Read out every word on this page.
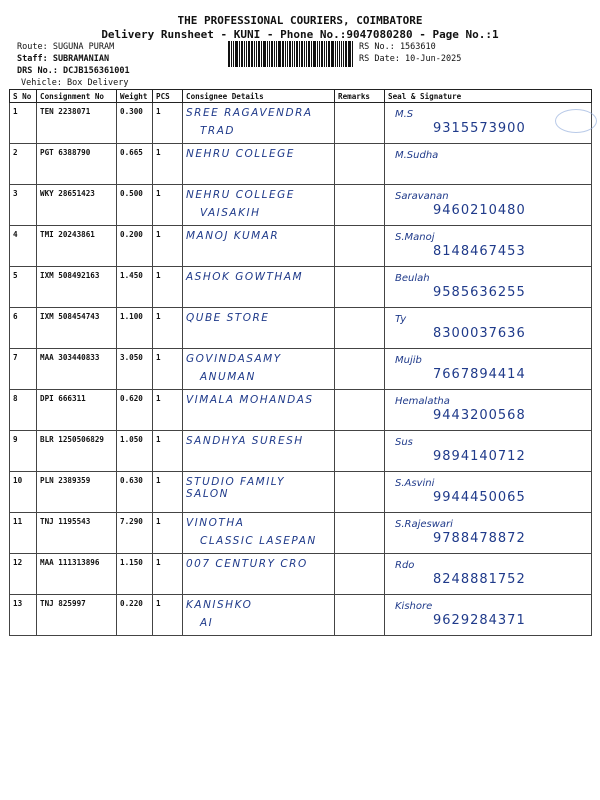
THE PROFESSIONAL COURIERS, COIMBATORE
Delivery Runsheet - KUNI - Phone No.:9047080280 - Page No.:1
Route: SUGUNA PURAM
Staff: SUBRAMANIAN
DRS No.: DCJB156361001
Vehicle: Box Delivery
RS No.: 1563610
RS Date: 10-Jun-2025
S No	Consignment No	Weight	PCS	Consignee Details	Remarks	Seal & Signature
1	TEN 2238071	0.300	1	SREE RAGAVENDRA
TRAD		M.S
9315573900

2	PGT 6388790	0.665	1	NEHRU COLLEGE		M.Sudha

3	WKY 28651423	0.500	1	NEHRU COLLEGE
VAISAKIH		Saravanan
9460210480

4	TMI 20243861	0.200	1	MANOJ KUMAR		S.Manoj
8148467453

5	IXM 508492163	1.450	1	ASHOK GOWTHAM		Beulah
9585636255

6	IXM 508454743	1.100	1	QUBE STORE		Ty
8300037636

7	MAA 303440833	3.050	1	GOVINDASAMY
ANUMAN		Mujib
7667894414

8	DPI 666311	0.620	1	VIMALA MOHANDAS		Hemalatha
9443200568

9	BLR 1250506829	1.050	1	SANDHYA SURESH		Sus
9894140712

10	PLN 2389359	0.630	1	STUDIO FAMILY SALON		S.Asvini
9944450065

11	TNJ 1195543	7.290	1	VINOTHA
CLASSIC LASEPAN		S.Rajeswari
9788478872

12	MAA 111313896	1.150	1	007 CENTURY CRO		Rdo
8248881752

13	TNJ 825997	0.220	1	KANISHKO
AI		Kishore
9629284371
